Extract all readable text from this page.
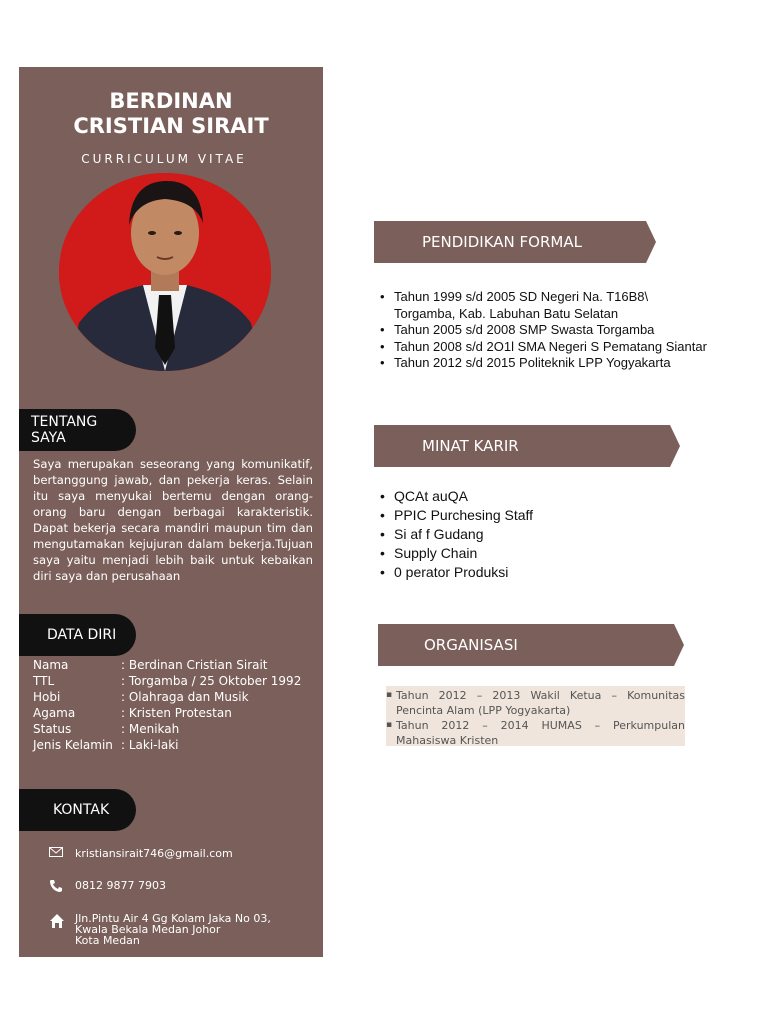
BERDINAN
CRISTIAN SIRAIT
CURRICULUM VITAE
TENTANG SAYA
Saya merupakan seseorang yang komunikatif, bertanggung jawab, dan pekerja keras. Selain itu saya menyukai bertemu dengan orang-orang baru dengan berbagai karakteristik. Dapat bekerja secara mandiri maupun tim dan mengutamakan kejujuran dalam bekerja.Tujuan saya yaitu menjadi lebih baik untuk kebaikan diri saya dan perusahaan
DATA DIRI
Nama	: Berdinan Cristian Sirait
TTL	: Torgamba / 25 Oktober 1992
Hobi	: Olahraga dan Musik
Agama	: Kristen Protestan
Status	: Menikah
Jenis Kelamin : Laki-laki
KONTAK
kristiansirait746@gmail.com
0812 9877 7903
Jln.Pintu Air 4 Gg Kolam Jaka No 03,
Kwala Bekala Medan Johor
Kota Medan
PENDIDIKAN FORMAL
• Tahun 1999 s/d 2005 SD Negeri Na. T16B8\ Torgamba, Kab. Labuhan Batu Selatan
• Tahun 2005 s/d 2008 SMP Swasta Torgamba
• Tahun 2008 s/d 2O1l SMA Negeri S Pematang Siantar
• Tahun 2012 s/d 2015 Politeknik LPP Yogyakarta
MINAT KARIR
• QCAt auQA
• PPIC Purchesing Staff
• Si af f Gudang
• Supply Chain
• 0 perator Produksi
ORGANISASI
▪ Tahun 2012 – 2013 Wakil Ketua – Komunitas Pencinta Alam (LPP Yogyakarta)
▪ Tahun 2012 – 2014 HUMAS – Perkumpulan Mahasiswa Kristen
